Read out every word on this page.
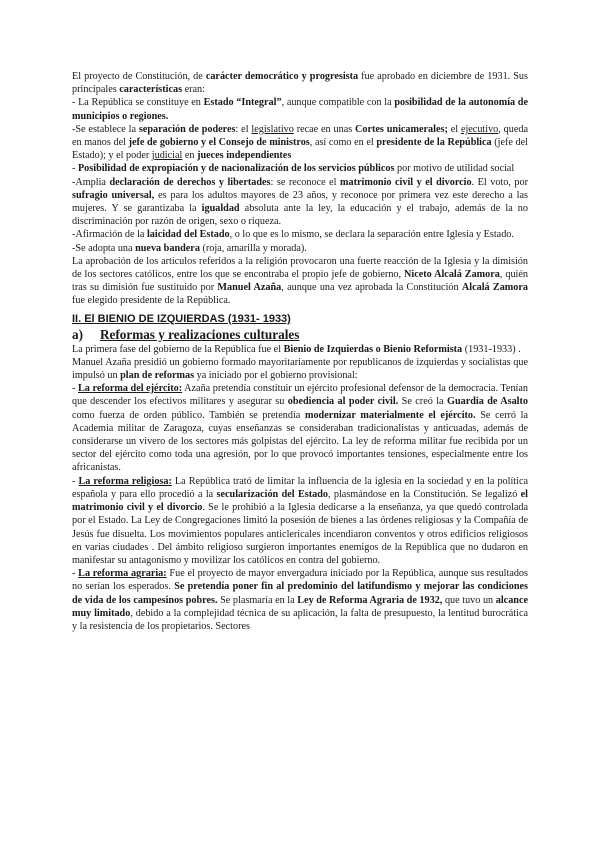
El proyecto de Constitución, de carácter democrático y progresista fue aprobado en diciembre de 1931. Sus principales características eran:

- La República se constituye en Estado “Integral”, aunque compatible con la posibilidad de la autonomía de municipios o regiones.

-Se establece la separación de poderes: el legislativo recae en unas Cortes unicamerales; el ejecutivo, queda en manos del jefe de gobierno y el Consejo de ministros, así como en el presidente de la República (jefe del Estado); y el poder judicial en jueces independientes

- Posibilidad de expropiación y de nacionalización de los servicios públicos por motivo de utilidad social

-Amplia declaración de derechos y libertades: se reconoce el matrimonio civil y el divorcio. El voto, por sufragio universal, es para los adultos mayores de 23 años, y reconoce por primera vez este derecho a las mujeres. Y se garantizaba la igualdad absoluta ante la ley, la educación y el trabajo, además de la no discriminación por razón de origen, sexo o riqueza.

-Afirmación de la laicidad del Estado, o lo que es lo mismo, se declara la separación entre Iglesia y Estado.

-Se adopta una nueva bandera (roja, amarilla y morada).

La aprobación de los artículos referidos a la religión provocaron una fuerte reacción de la Iglesia y la dimisión de los sectores católicos, entre los que se encontraba el propio jefe de gobierno, Niceto Alcalá Zamora, quién tras su dimisión fue sustituido por Manuel Azaña, aunque una vez aprobada la Constitución Alcalá Zamora fue elegido presidente de la República.

II. El BIENIO DE IZQUIERDAS (1931- 1933)

a) Reformas y realizaciones culturales

La primera fase del gobierno de la República fue el Bienio de Izquierdas o Bienio Reformista (1931-1933) .

Manuel Azaña presidió un gobierno formado mayoritariamente por republicanos de izquierdas y socialistas que impulsó un plan de reformas ya iniciado por el gobierno provisional:

- La reforma del ejército: Azaña pretendía constituir un ejército profesional defensor de la democracia. Tenían que descender los efectivos militares y asegurar su obediencia al poder civil. Se creó la Guardia de Asalto como fuerza de orden público. También se pretendía modernizar materialmente el ejército. Se cerró la Academia militar de Zaragoza, cuyas enseñanzas se consideraban tradicionalistas y anticuadas, además de considerarse un vivero de los sectores más golpistas del ejército. La ley de reforma militar fue recibida por un sector del ejército como toda una agresión, por lo que provocó importantes tensiones, especialmente entre los africanistas.

- La reforma religiosa: La República trató de limitar la influencia de la iglesia en la sociedad y en la política española y para ello procedió a la secularización del Estado, plasmándose en la Constitución. Se legalizó el matrimonio civil y el divorcio. Se le prohibió a la Iglesia dedicarse a la enseñanza, ya que quedó controlada por el Estado. La Ley de Congregaciones limitó la posesión de bienes a las órdenes religiosas y la Compañía de Jesús fue disuelta. Los movimientos populares anticlericales incendiaron conventos y otros edificios religiosos en varias ciudades . Del ámbito religioso surgieron importantes enemigos de la República que no dudaron en manifestar su antagonismo y movilizar los católicos en contra del gobierno.

- La reforma agraria: Fue el proyecto de mayor envergadura iniciado por la República, aunque sus resultados no serían los esperados. Se pretendía poner fin al predominio del latifundismo y mejorar las condiciones de vida de los campesinos pobres. Se plasmaría en la Ley de Reforma Agraria de 1932, que tuvo un alcance muy limitado, debido a la complejidad técnica de su aplicación, la falta de presupuesto, la lentitud burocrática y la resistencia de los propietarios. Sectores
